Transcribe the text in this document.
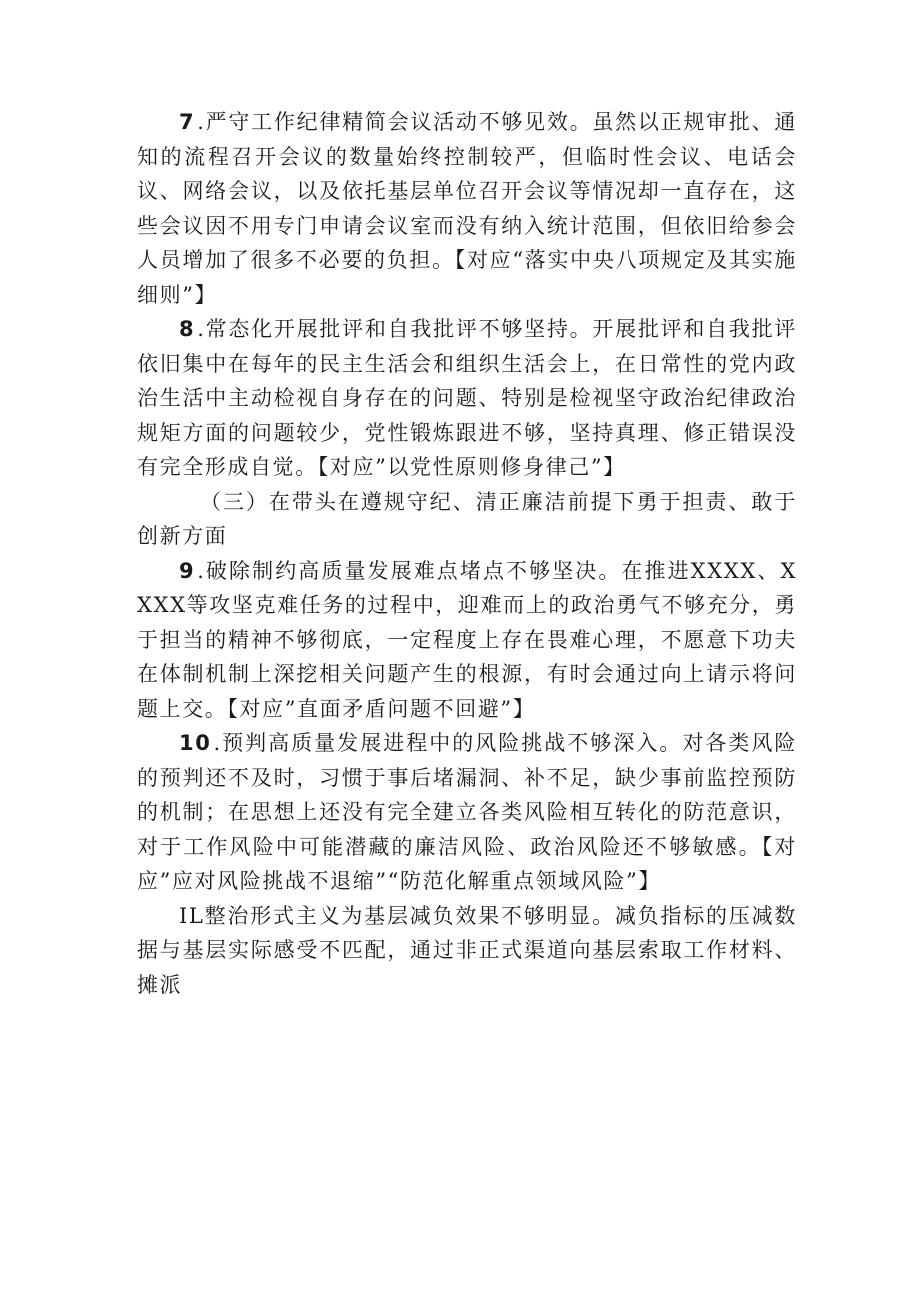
7.严守工作纪律精简会议活动不够见效。虽然以正规审批、通知的流程召开会议的数量始终控制较严，但临时性会议、电话会议、网络会议，以及依托基层单位召开会议等情况却一直存在，这些会议因不用专门申请会议室而没有纳入统计范围，但依旧给参会人员增加了很多不必要的负担。【对应“落实中央八项规定及其实施细则”】

8.常态化开展批评和自我批评不够坚持。开展批评和自我批评依旧集中在每年的民主生活会和组织生活会上，在日常性的党内政治生活中主动检视自身存在的问题、特别是检视坚守政治纪律政治规矩方面的问题较少，党性锻炼跟进不够，坚持真理、修正错误没有完全形成自觉。【对应”以党性原则修身律己”】

（三）在带头在遵规守纪、清正廉洁前提下勇于担责、敢于创新方面

9.破除制约高质量发展难点堵点不够坚决。在推进XXXX、XXXX等攻坚克难任务的过程中，迎难而上的政治勇气不够充分，勇于担当的精神不够彻底，一定程度上存在畏难心理，不愿意下功夫在体制机制上深挖相关问题产生的根源，有时会通过向上请示将问题上交。【对应”直面矛盾问题不回避”】

10.预判高质量发展进程中的风险挑战不够深入。对各类风险的预判还不及时，习惯于事后堵漏洞、补不足，缺少事前监控预防的机制；在思想上还没有完全建立各类风险相互转化的防范意识，对于工作风险中可能潜藏的廉洁风险、政治风险还不够敏感。【对应”应对风险挑战不退缩”“防范化解重点领域风险”】

IL整治形式主义为基层减负效果不够明显。减负指标的压减数据与基层实际感受不匹配，通过非正式渠道向基层索取工作材料、摊派
